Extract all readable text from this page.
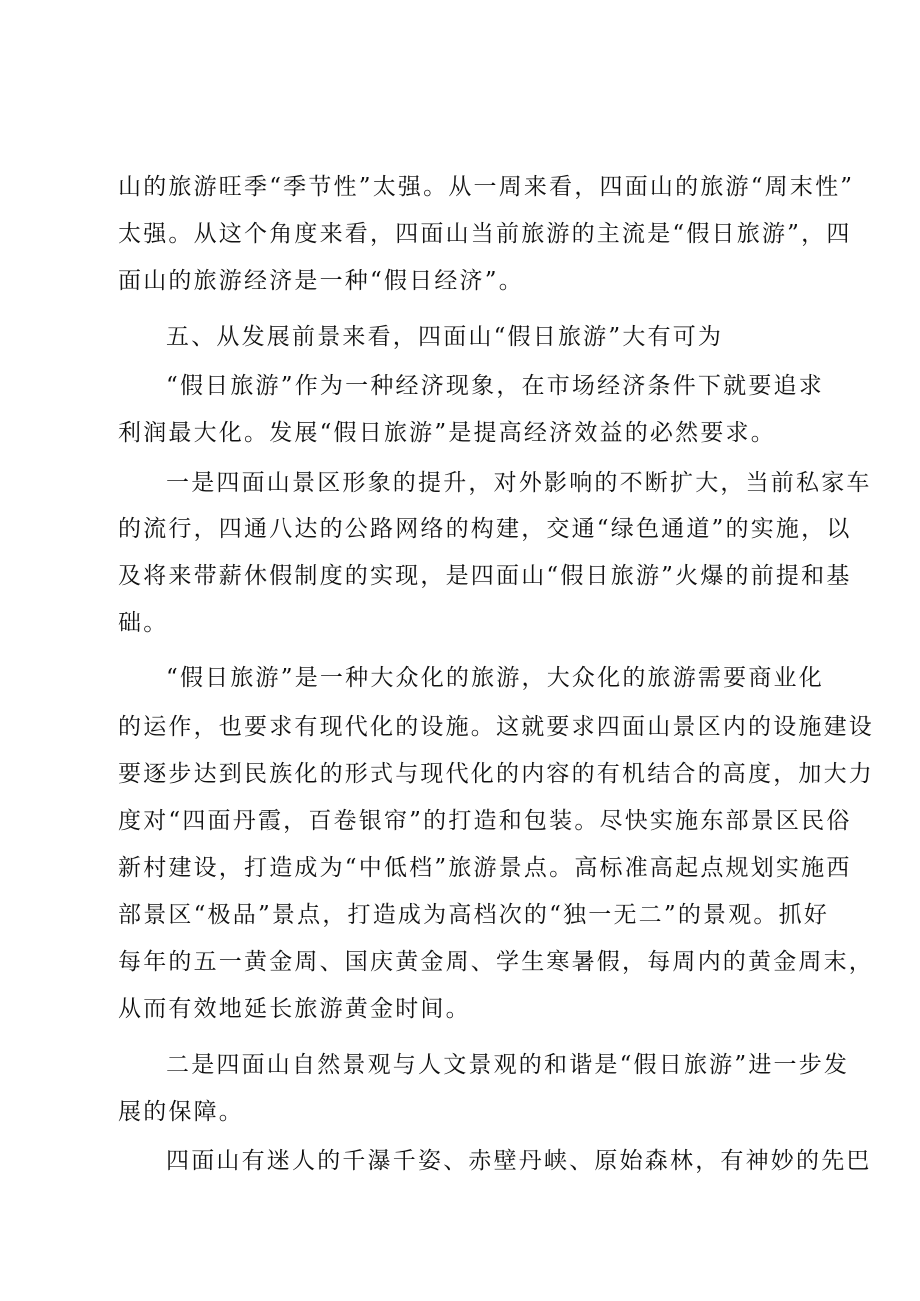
山的旅游旺季“季节性”太强。从一周来看，四面山的旅游“周末性”
太强。从这个角度来看，四面山当前旅游的主流是“假日旅游”，四
面山的旅游经济是一种“假日经济”。
五、从发展前景来看，四面山“假日旅游”大有可为
“假日旅游”作为一种经济现象，在市场经济条件下就要追求
利润最大化。发展“假日旅游”是提高经济效益的必然要求。
一是四面山景区形象的提升，对外影响的不断扩大，当前私家车
的流行，四通八达的公路网络的构建，交通“绿色通道”的实施，以
及将来带薪休假制度的实现，是四面山“假日旅游”火爆的前提和基
础。
“假日旅游”是一种大众化的旅游，大众化的旅游需要商业化
的运作，也要求有现代化的设施。这就要求四面山景区内的设施建设
要逐步达到民族化的形式与现代化的内容的有机结合的高度，加大力
度对“四面丹霞，百卷银帘”的打造和包装。尽快实施东部景区民俗
新村建设，打造成为“中低档”旅游景点。高标准高起点规划实施西
部景区“极品”景点，打造成为高档次的“独一无二”的景观。抓好
每年的五一黄金周、国庆黄金周、学生寒暑假，每周内的黄金周末，
从而有效地延长旅游黄金时间。
二是四面山自然景观与人文景观的和谐是“假日旅游”进一步发
展的保障。
四面山有迷人的千瀑千姿、赤壁丹峡、原始森林，有神妙的先巴
